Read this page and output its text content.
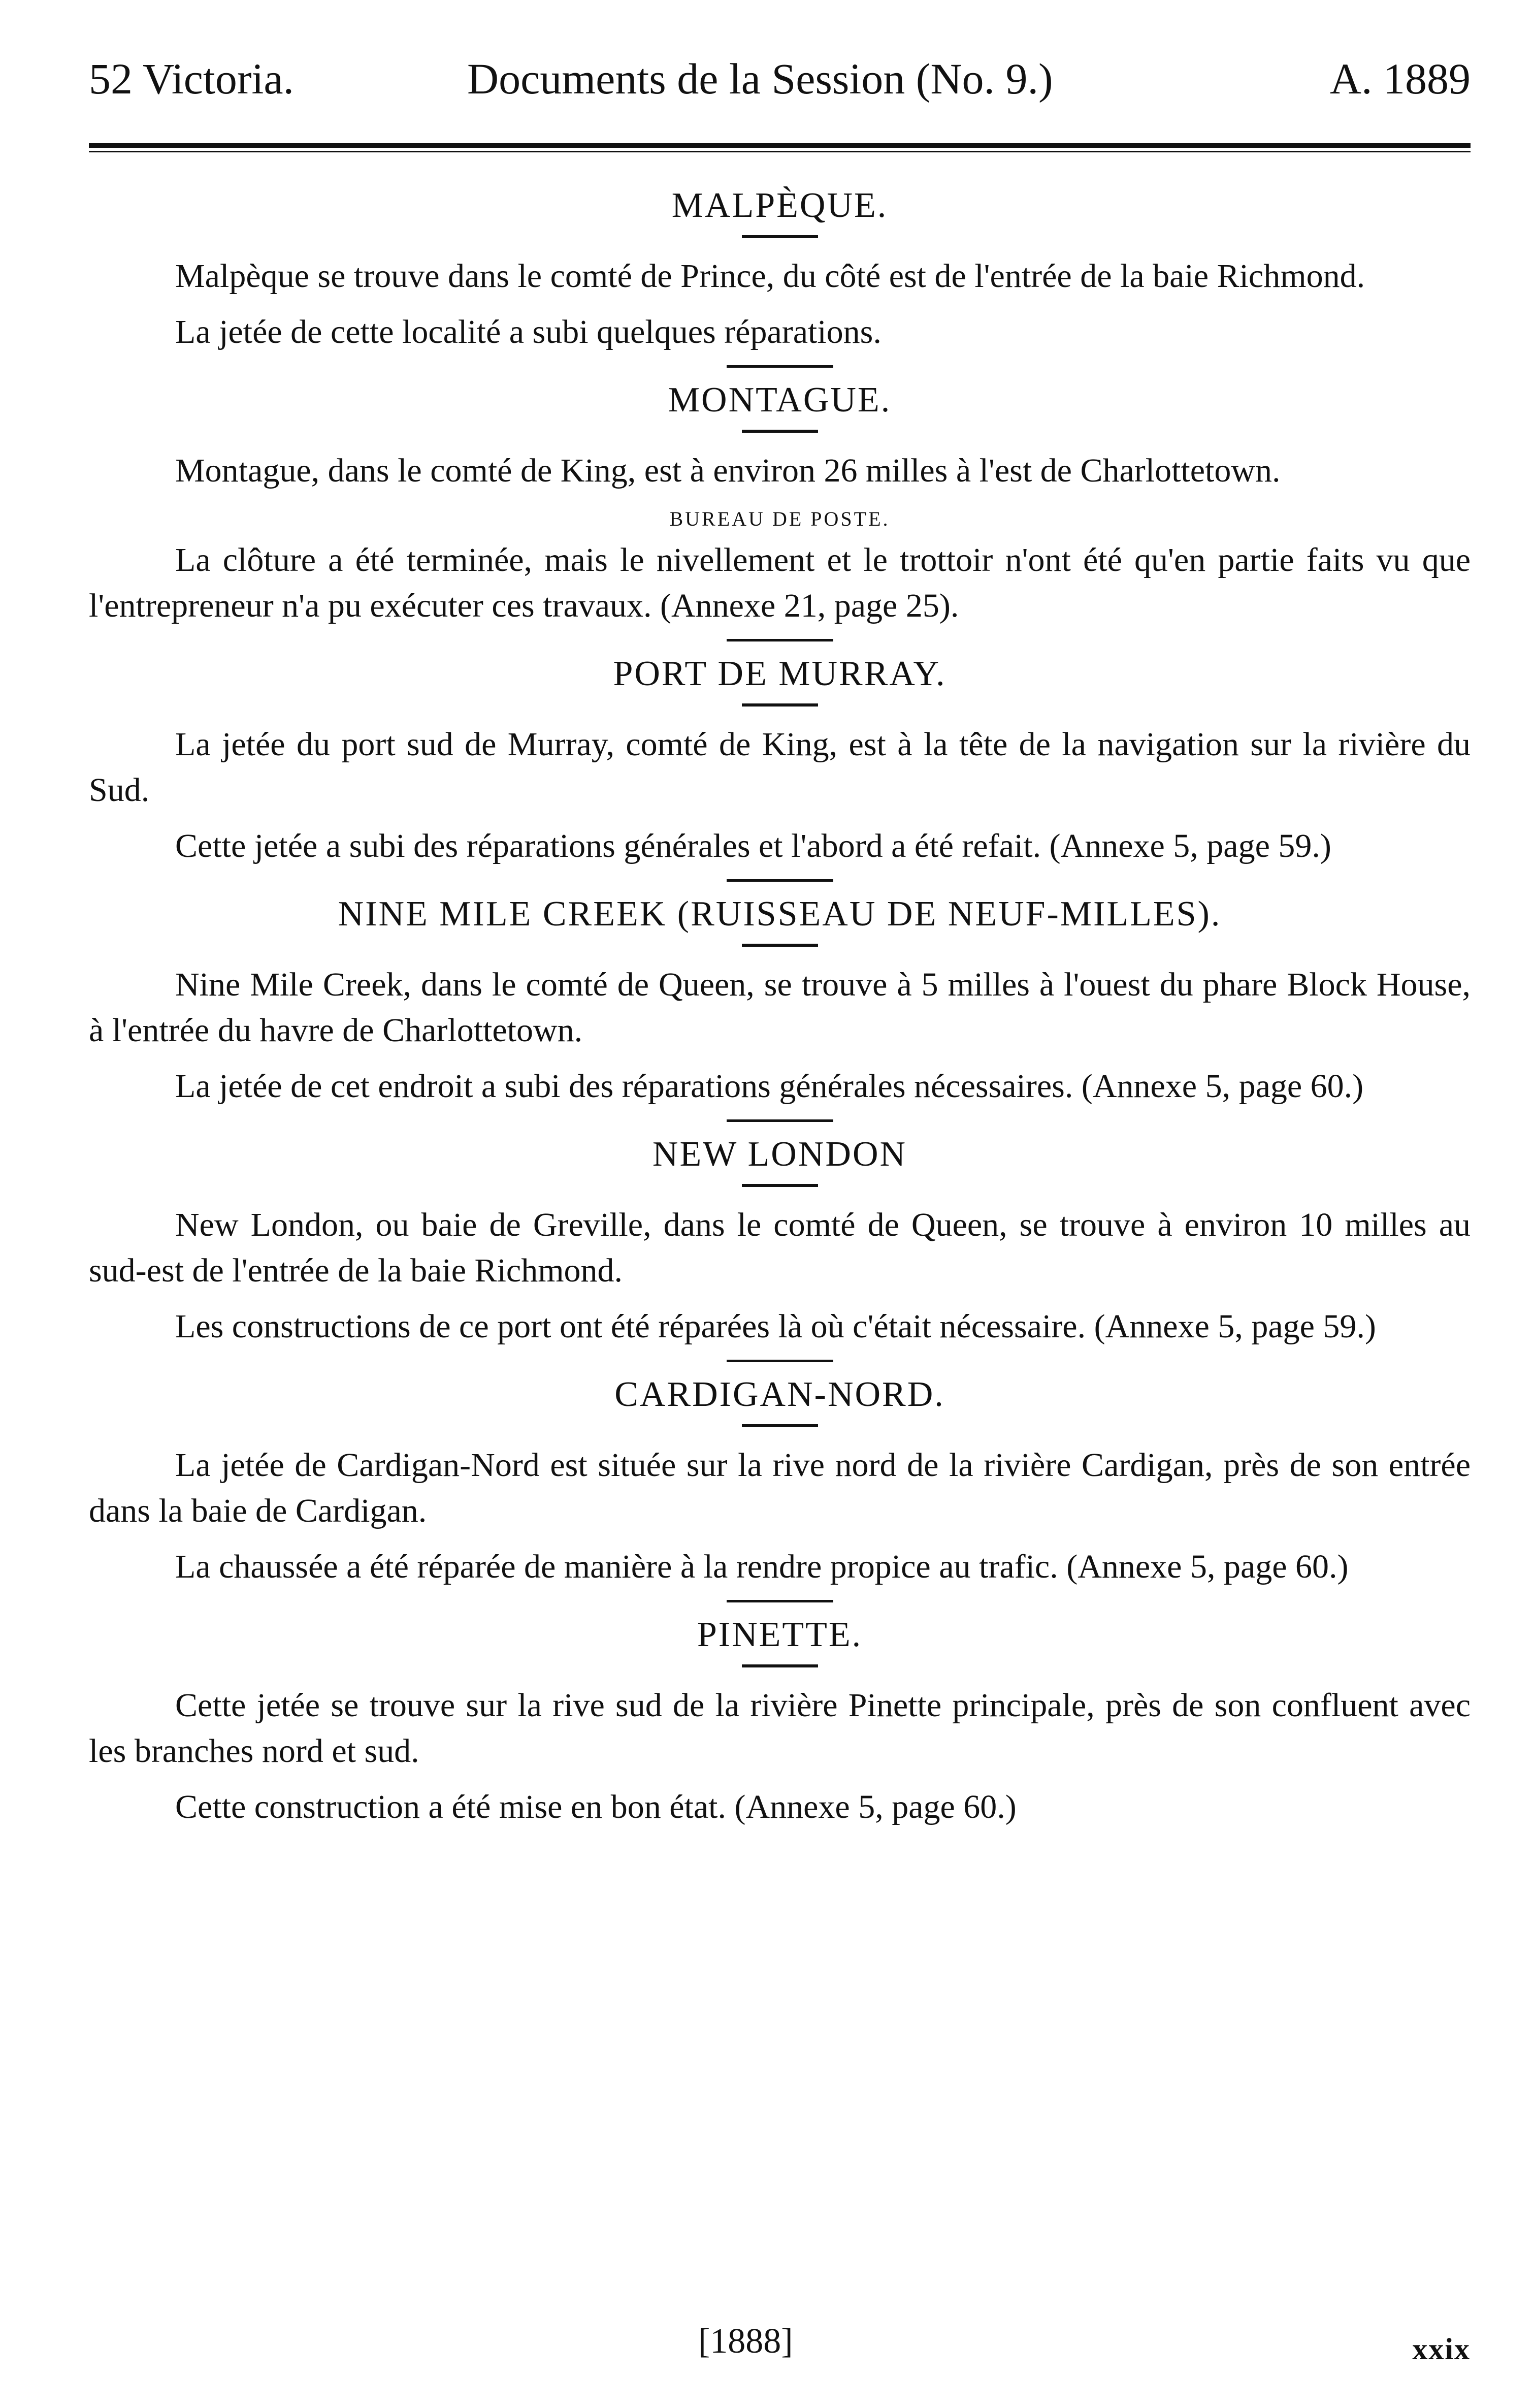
52 Victoria.	Documents de la Session (No. 9.)	A. 1889
MALPÈQUE.

Malpèque se trouve dans le comté de Prince, du côté est de l'entrée de la baie Richmond.

La jetée de cette localité a subi quelques réparations.

MONTAGUE.

Montague, dans le comté de King, est à environ 26 milles à l'est de Charlottetown.

BUREAU DE POSTE.

La clôture a été terminée, mais le nivellement et le trottoir n'ont été qu'en partie faits vu que l'entrepreneur n'a pu exécuter ces travaux. (Annexe 21, page 25).

PORT DE MURRAY.

La jetée du port sud de Murray, comté de King, est à la tête de la navigation sur la rivière du Sud.

Cette jetée a subi des réparations générales et l'abord a été refait. (Annexe 5, page 59.)

NINE MILE CREEK (RUISSEAU DE NEUF-MILLES).

Nine Mile Creek, dans le comté de Queen, se trouve à 5 milles à l'ouest du phare Block House, à l'entrée du havre de Charlottetown.

La jetée de cet endroit a subi des réparations générales nécessaires. (Annexe 5, page 60.)

NEW LONDON

New London, ou baie de Greville, dans le comté de Queen, se trouve à environ 10 milles au sud-est de l'entrée de la baie Richmond.

Les constructions de ce port ont été réparées là où c'était nécessaire. (Annexe 5, page 59.)

CARDIGAN-NORD.

La jetée de Cardigan-Nord est située sur la rive nord de la rivière Cardigan, près de son entrée dans la baie de Cardigan.

La chaussée a été réparée de manière à la rendre propice au trafic. (Annexe 5, page 60.)

PINETTE.

Cette jetée se trouve sur la rive sud de la rivière Pinette principale, près de son confluent avec les branches nord et sud.

Cette construction a été mise en bon état. (Annexe 5, page 60.)

[1888]	xxix
